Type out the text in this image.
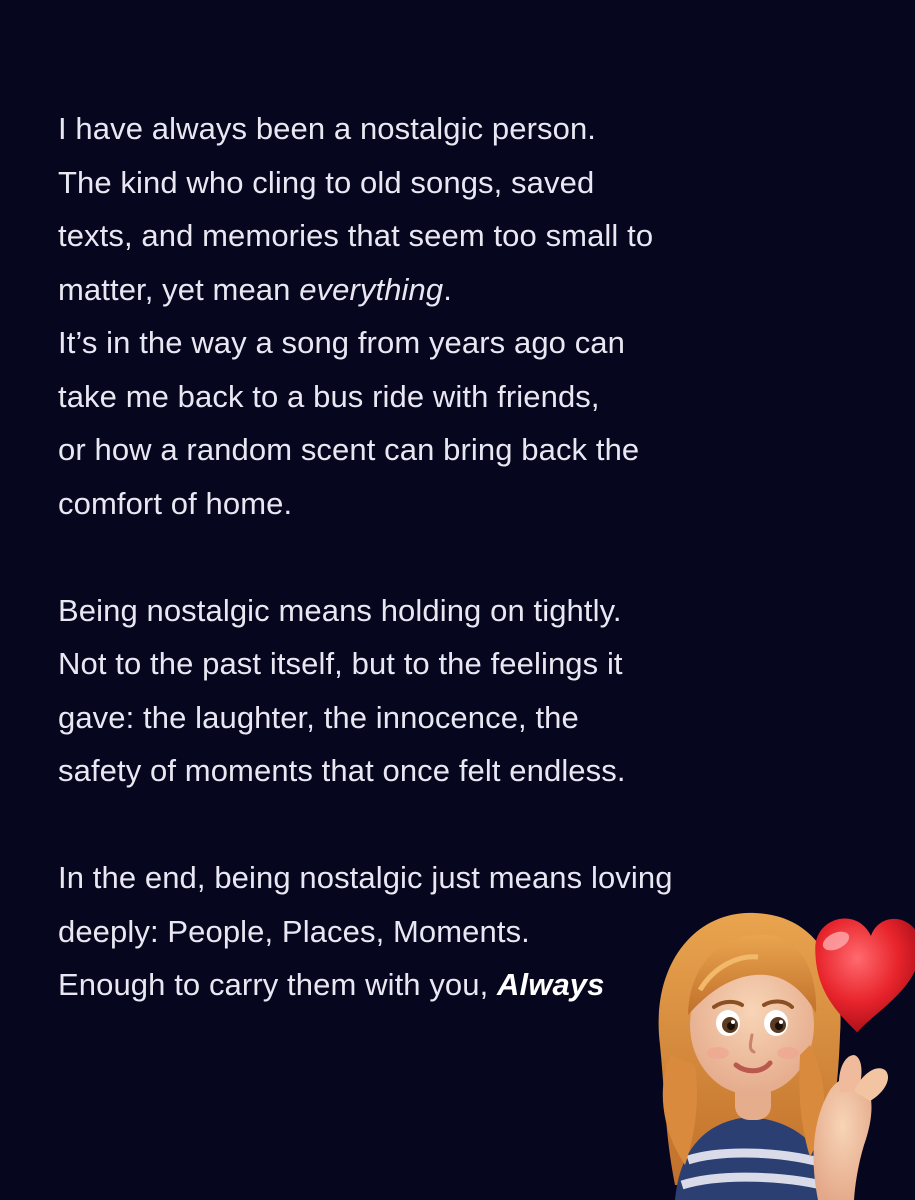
I have always been a nostalgic person.
The kind who cling to old songs, saved
texts, and memories that seem too small to
matter, yet mean everything.
It’s in the way a song from years ago can
take me back to a bus ride with friends,
or how a random scent can bring back the
comfort of home.

Being nostalgic means holding on tightly.
Not to the past itself, but to the feelings it
gave: the laughter, the innocence, the
safety of moments that once felt endless.

In the end, being nostalgic just means loving
deeply: People, Places, Moments.
Enough to carry them with you, Always
